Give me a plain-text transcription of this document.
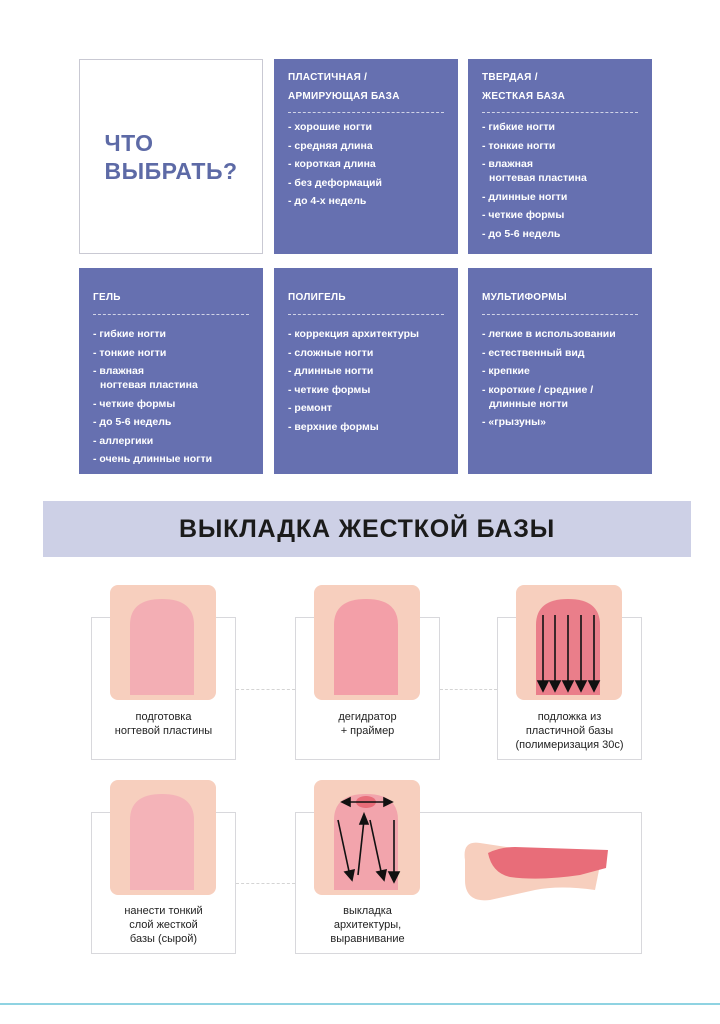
ЧТО
ВЫБРАТЬ?
ПЛАСТИЧНАЯ /
АРМИРУЮЩАЯ БАЗА
- хорошие ногти
- средняя длина
- короткая длина
- без деформаций
- до 4-х недель
ТВЕРДАЯ /
ЖЕСТКАЯ БАЗА
- гибкие ногти
- тонкие ногти
- влажная
ногтевая пластина
- длинные ногти
- четкие формы
- до 5-6 недель
ГЕЛЬ
- гибкие ногти
- тонкие ногти
- влажная
ногтевая пластина
- четкие формы
- до 5-6 недель
- аллергики
- очень длинные ногти
ПОЛИГЕЛЬ
- коррекция архитектуры
- сложные ногти
- длинные ногти
- четкие формы
- ремонт
- верхние формы
МУЛЬТИФОРМЫ
- легкие в использовании
- естественный вид
- крепкие
- короткие / средние /
длинные ногти
- «грызуны»
ВЫКЛАДКА ЖЕСТКОЙ БАЗЫ
подготовка
ногтевой пластины
дегидратор
+ праймер
подложка из
пластичной базы
(полимеризация 30с)
нанести тонкий
слой жесткой
базы (сырой)
выкладка
архитектуры,
выравнивание
